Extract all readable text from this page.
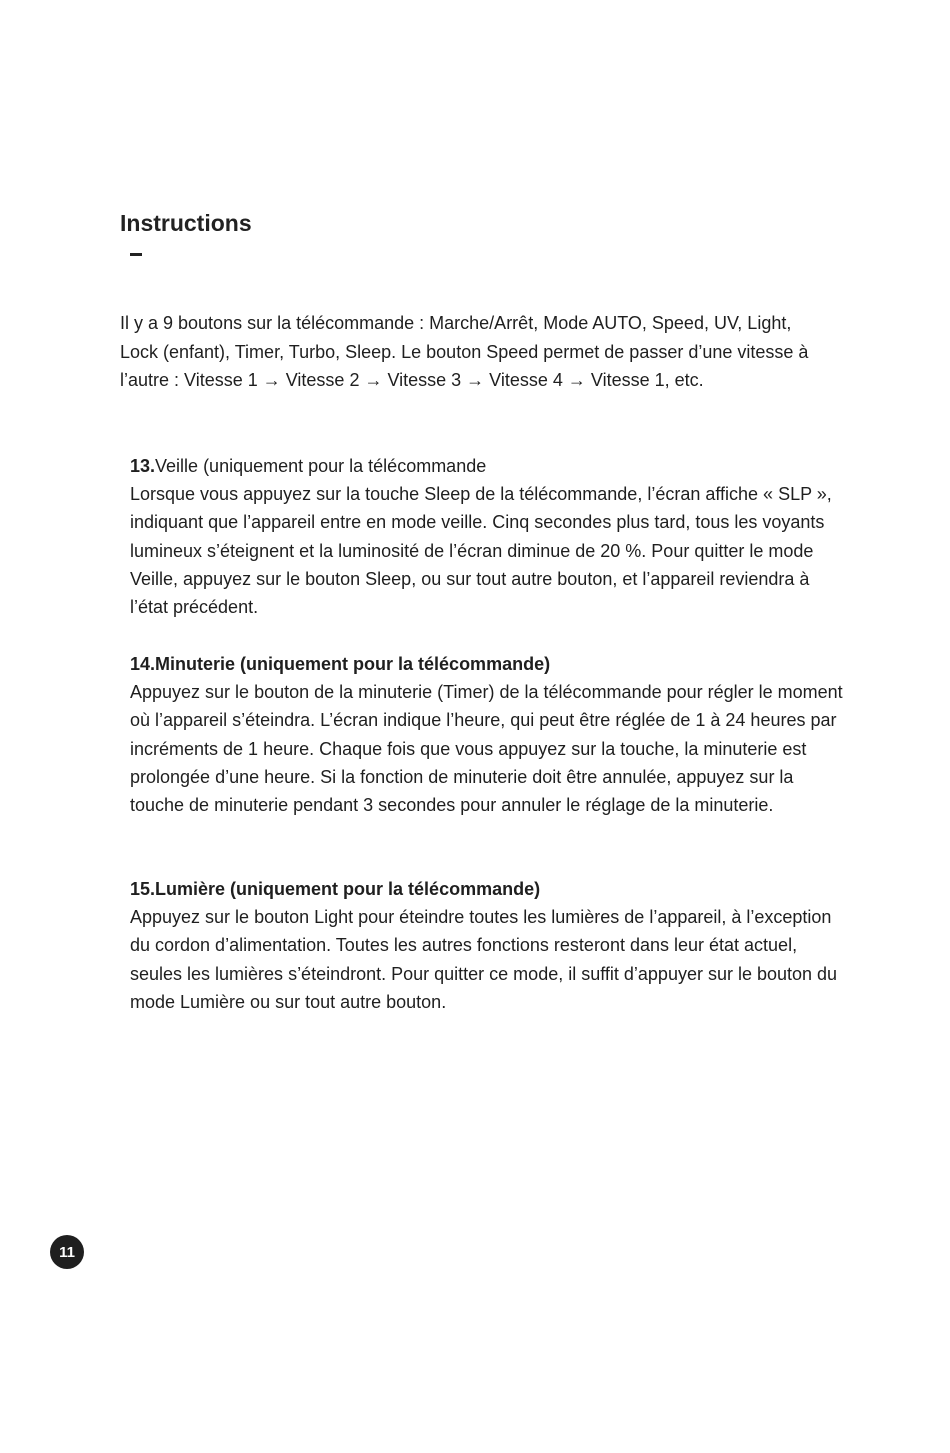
Instructions

Il y a 9 boutons sur la télécommande : Marche/Arrêt, Mode AUTO, Speed, UV, Light, Lock (enfant), Timer, Turbo, Sleep. Le bouton Speed permet de passer d’une vitesse à l’autre : Vitesse 1 → Vitesse 2 → Vitesse 3 → Vitesse 4 → Vitesse 1, etc.

13.Veille (uniquement pour la télécommande
Lorsque vous appuyez sur la touche Sleep de la télécommande, l’écran affiche « SLP », indiquant que l’appareil entre en mode veille. Cinq secondes plus tard, tous les voyants lumineux s’éteignent et la luminosité de l’écran diminue de 20 %. Pour quitter le mode Veille, appuyez sur le bouton Sleep, ou sur tout autre bouton, et l’appareil reviendra à l’état précédent.
14.Minuterie (uniquement pour la télécommande)
Appuyez sur le bouton de la minuterie (Timer) de la télécommande pour régler le moment où l’appareil s’éteindra. L’écran indique l’heure, qui peut être réglée de 1 à 24 heures par incréments de 1 heure. Chaque fois que vous appuyez sur la touche, la minuterie est prolongée d’une heure. Si la fonction de minuterie doit être annulée, appuyez sur la touche de minuterie pendant 3 secondes pour annuler le réglage de la minuterie.
15.Lumière (uniquement pour la télécommande)
Appuyez sur le bouton Light pour éteindre toutes les lumières de l’appareil, à l’exception du cordon d’alimentation. Toutes les autres fonctions resteront dans leur état actuel, seules les lumières s’éteindront. Pour quitter ce mode, il suffit d’appuyer sur le bouton du mode Lumière ou sur tout autre bouton.
11
